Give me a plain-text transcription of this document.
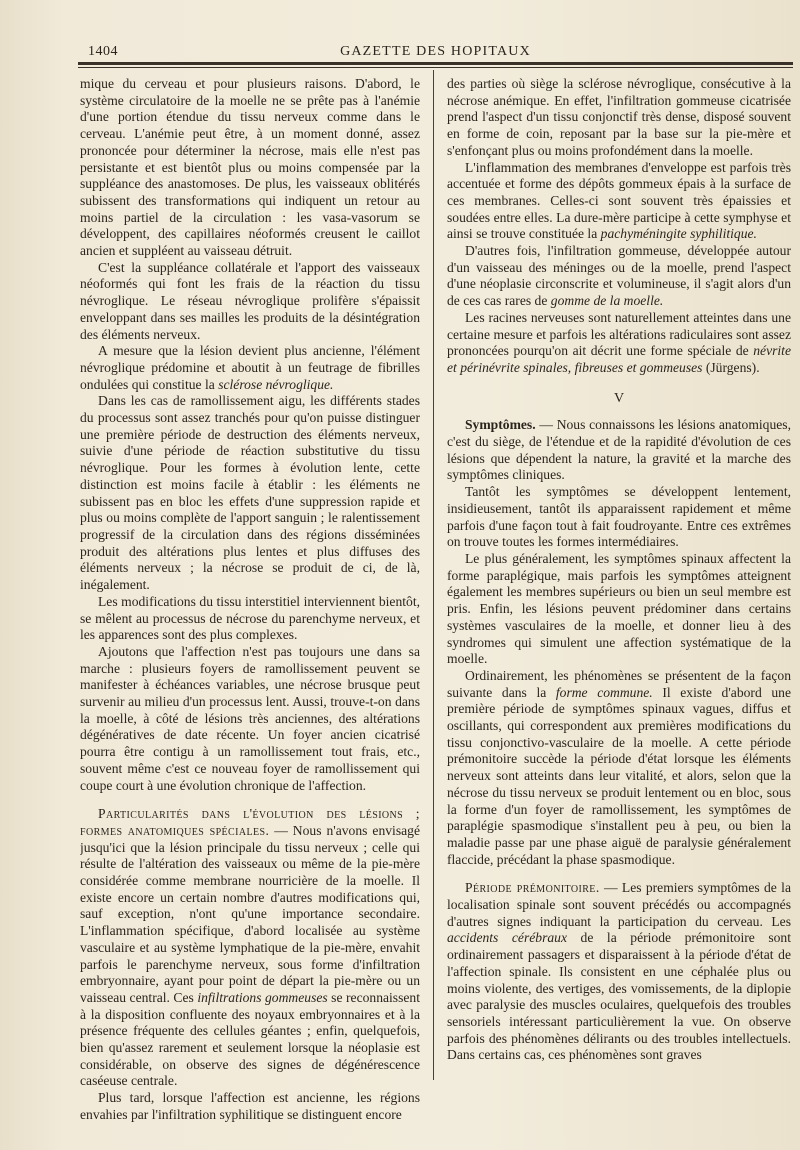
1404	GAZETTE DES HOPITAUX

mique du cerveau et pour plusieurs raisons. D'abord, le système circulatoire de la moelle ne se prête pas à l'anémie d'une portion étendue du tissu nerveux comme dans le cerveau. L'anémie peut être, à un moment donné, assez prononcée pour déterminer la nécrose, mais elle n'est pas persistante et est bientôt plus ou moins compensée par la suppléance des anastomoses. De plus, les vaisseaux oblitérés subissent des transformations qui indiquent un retour au moins partiel de la circulation : les vasa-vasorum se développent, des capillaires néoformés creusent le caillot ancien et suppléent au vaisseau détruit.

C'est la suppléance collatérale et l'apport des vaisseaux néoformés qui font les frais de la réaction du tissu névroglique. Le réseau névroglique prolifère s'épaissit enveloppant dans ses mailles les produits de la désintégration des éléments nerveux.

A mesure que la lésion devient plus ancienne, l'élément névroglique prédomine et aboutit à un feutrage de fibrilles ondulées qui constitue la sclérose névroglique.

Dans les cas de ramollissement aigu, les différents stades du processus sont assez tranchés pour qu'on puisse distinguer une première période de destruction des éléments nerveux, suivie d'une période de réaction substitutive du tissu névroglique. Pour les formes à évolution lente, cette distinction est moins facile à établir : les éléments ne subissent pas en bloc les effets d'une suppression rapide et plus ou moins complète de l'apport sanguin ; le ralentissement progressif de la circulation dans des régions disséminées produit des altérations plus lentes et plus diffuses des éléments nerveux ; la nécrose se produit de ci, de là, inégalement.

Les modifications du tissu interstitiel interviennent bientôt, se mêlent au processus de nécrose du parenchyme nerveux, et les apparences sont des plus complexes.

Ajoutons que l'affection n'est pas toujours une dans sa marche : plusieurs foyers de ramollissement peuvent se manifester à échéances variables, une nécrose brusque peut survenir au milieu d'un processus lent. Aussi, trouve-t-on dans la moelle, à côté de lésions très anciennes, des altérations dégénératives de date récente. Un foyer ancien cicatrisé pourra être contigu à un ramollissement tout frais, etc., souvent même c'est ce nouveau foyer de ramollissement qui coupe court à une évolution chronique de l'affection.

Particularités dans l'évolution des lésions ; formes anatomiques spéciales. — Nous n'avons envisagé jusqu'ici que la lésion principale du tissu nerveux ; celle qui résulte de l'altération des vaisseaux ou même de la pie-mère considérée comme membrane nourricière de la moelle. Il existe encore un certain nombre d'autres modifications qui, sauf exception, n'ont qu'une importance secondaire. L'inflammation spécifique, d'abord localisée au système vasculaire et au système lymphatique de la pie-mère, envahit parfois le parenchyme nerveux, sous forme d'infiltration embryonnaire, ayant pour point de départ la pie-mère ou un vaisseau central. Ces infiltrations gommeuses se reconnaissent à la disposition confluente des noyaux embryonnaires et à la présence fréquente des cellules géantes ; enfin, quelquefois, bien qu'assez rarement et seulement lorsque la néoplasie est considérable, on observe des signes de dégénérescence caséeuse centrale.

Plus tard, lorsque l'affection est ancienne, les régions envahies par l'infiltration syphilitique se distinguent encore

des parties où siège la sclérose névroglique, consécutive à la nécrose anémique. En effet, l'infiltration gommeuse cicatrisée prend l'aspect d'un tissu conjonctif très dense, disposé souvent en forme de coin, reposant par la base sur la pie-mère et s'enfonçant plus ou moins profondément dans la moelle.

L'inflammation des membranes d'enveloppe est parfois très accentuée et forme des dépôts gommeux épais à la surface de ces membranes. Celles-ci sont souvent très épaissies et soudées entre elles. La dure-mère participe à cette symphyse et ainsi se trouve constituée la pachyméningite syphilitique.

D'autres fois, l'infiltration gommeuse, développée autour d'un vaisseau des méninges ou de la moelle, prend l'aspect d'une néoplasie circonscrite et volumineuse, il s'agit alors d'un de ces cas rares de gomme de la moelle.

Les racines nerveuses sont naturellement atteintes dans une certaine mesure et parfois les altérations radiculaires sont assez prononcées pourqu'on ait décrit une forme spéciale de névrite et périnévrite spinales, fibreuses et gommeuses (Jürgens).

V

Symptômes. — Nous connaissons les lésions anatomiques, c'est du siège, de l'étendue et de la rapidité d'évolution de ces lésions que dépendent la nature, la gravité et la marche des symptômes cliniques.

Tantôt les symptômes se développent lentement, insidieusement, tantôt ils apparaissent rapidement et même parfois d'une façon tout à fait foudroyante. Entre ces extrêmes on trouve toutes les formes intermédiaires.

Le plus généralement, les symptômes spinaux affectent la forme paraplégique, mais parfois les symptômes atteignent également les membres supérieurs ou bien un seul membre est pris. Enfin, les lésions peuvent prédominer dans certains systèmes vasculaires de la moelle, et donner lieu à des syndromes qui simulent une affection systématique de la moelle.

Ordinairement, les phénomènes se présentent de la façon suivante dans la forme commune. Il existe d'abord une première période de symptômes spinaux vagues, diffus et oscillants, qui correspondent aux premières modifications du tissu conjonctivo-vasculaire de la moelle. A cette période prémonitoire succède la période d'état lorsque les éléments nerveux sont atteints dans leur vitalité, et alors, selon que la nécrose du tissu nerveux se produit lentement ou en bloc, sous la forme d'un foyer de ramollissement, les symptômes de paraplégie spasmodique s'installent peu à peu, ou bien la maladie passe par une phase aiguë de paralysie généralement flaccide, précédant la phase spasmodique.

Période prémonitoire. — Les premiers symptômes de la localisation spinale sont souvent précédés ou accompagnés d'autres signes indiquant la participation du cerveau. Les accidents cérébraux de la période prémonitoire sont ordinairement passagers et disparaissent à la période d'état de l'affection spinale. Ils consistent en une céphalée plus ou moins violente, des vertiges, des vomissements, de la diplopie avec paralysie des muscles oculaires, quelquefois des troubles sensoriels intéressant particulièrement la vue. On observe parfois des phénomènes délirants ou des troubles intellectuels. Dans certains cas, ces phénomènes sont graves
